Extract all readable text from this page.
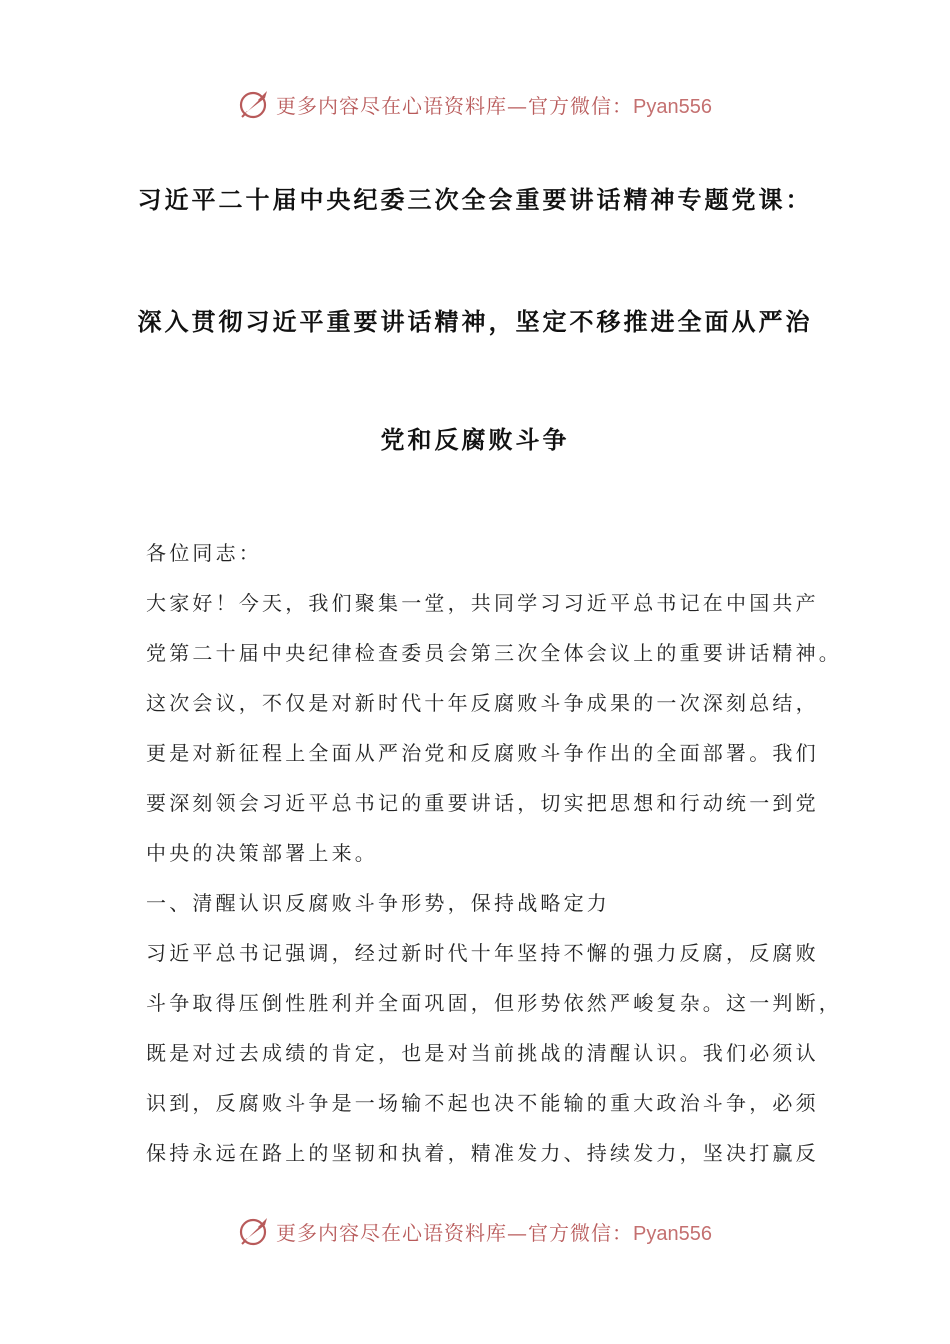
更多内容尽在心语资料库—官方微信：Pyan556
习近平二十届中央纪委三次全会重要讲话精神专题党课：
深入贯彻习近平重要讲话精神，坚定不移推进全面从严治
党和反腐败斗争
各位同志：
大家好！今天，我们聚集一堂，共同学习习近平总书记在中国共产
党第二十届中央纪律检查委员会第三次全体会议上的重要讲话精神。
这次会议，不仅是对新时代十年反腐败斗争成果的一次深刻总结，
更是对新征程上全面从严治党和反腐败斗争作出的全面部署。我们
要深刻领会习近平总书记的重要讲话，切实把思想和行动统一到党
中央的决策部署上来。
一、清醒认识反腐败斗争形势，保持战略定力
习近平总书记强调，经过新时代十年坚持不懈的强力反腐，反腐败
斗争取得压倒性胜利并全面巩固，但形势依然严峻复杂。这一判断，
既是对过去成绩的肯定，也是对当前挑战的清醒认识。我们必须认
识到，反腐败斗争是一场输不起也决不能输的重大政治斗争，必须
保持永远在路上的坚韧和执着，精准发力、持续发力，坚决打赢反
更多内容尽在心语资料库—官方微信：Pyan556
